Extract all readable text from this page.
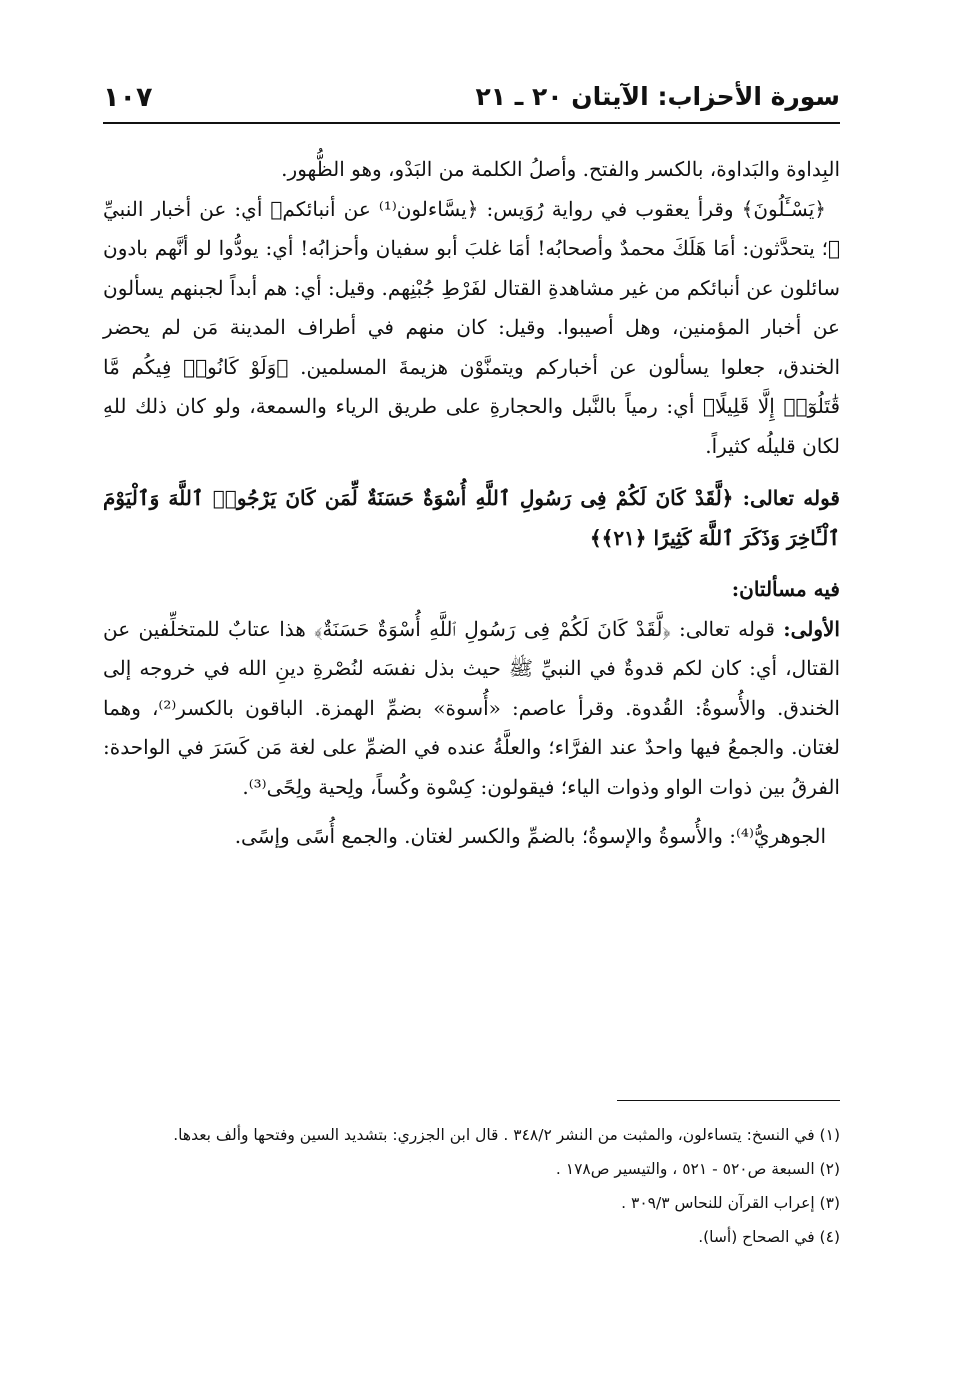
سورة الأحزاب: الآيتان ٢٠ ـ ٢١
١٠٧

البِداوة والبَداوة، بالكسر والفتح. وأصلُ الكلمة من البَدْو، وهو الظُّهور.

﴿يَسْـَٔلُونَ﴾ وقرأ يعقوب في رواية رُوَيس: ﴿يسَّاءلون⁽¹⁾ عن أنبائكم﴾ أي: عن أخبار النبيِّ ﷺ؛ يتحدَّثون: أمَا هَلَكَ محمدٌ وأصحابُه! أمَا غلبَ أبو سفيان وأحزابُه! أي: يودُّوا لو أنَّهم بادون سائلون عن أنبائكم من غير مشاهدةِ القتال لفَرْطِ جُبْنِهم. وقيل: أي: هم أبداً لجبنهم يسألون عن أخبار المؤمنين، وهل أصيبوا. وقيل: كان منهم في أطراف المدينة مَن لم يحضر الخندق، جعلوا يسألون عن أخباركم ويتمنَّوْن هزيمةَ المسلمين. ﴿وَلَوْ كَانُوا۟ فِيكُم مَّا قَٰتَلُوٓا۟ إِلَّا قَلِيلًا﴾ أي: رمياً بالنَّبل والحجارةِ على طريق الرياء والسمعة، ولو كان ذلك للهِ لكان قليلُه كثيراً.

قوله تعالى: ﴿لَّقَدْ كَانَ لَكُمْ فِى رَسُولِ ٱللَّهِ أُسْوَةٌ حَسَنَةٌ لِّمَن كَانَ يَرْجُوا۟ ٱللَّهَ وَٱلْيَوْمَ ٱلْـَٔاخِرَ وَذَكَرَ ٱللَّهَ كَثِيرًا ﴿٢١﴾﴾

فيه مسألتان:

الأولى: قوله تعالى: ﴿لَّقَدْ كَانَ لَكُمْ فِى رَسُولِ ٱللَّهِ أُسْوَةٌ حَسَنَةٌ﴾ هذا عتابٌ للمتخلِّفين عن القتال، أي: كان لكم قدوةٌ في النبيِّ ﷺ حيث بذل نفسَه لنُصْرةِ دينِ الله في خروجه إلى الخندق. والأُسوةُ: القُدوة. وقرأ عاصم: «أُسوة» بضمِّ الهمزة. الباقون بالكسر⁽²⁾، وهما لغتان. والجمعُ فيها واحدٌ عند الفرَّاء؛ والعلَّةُ عنده في الضمِّ على لغة مَن كَسَرَ في الواحدة: الفرقُ بين ذوات الواو وذوات الياء؛ فيقولون: كِسْوة وكُساً، ولِحية ولِحًى⁽³⁾.

الجوهريُّ⁽⁴⁾: والأُسوةُ والإسوةُ؛ بالضمِّ والكسر لغتان. والجمع أُسًى وإسًى.

(١) في النسخ: يتساءلون، والمثبت من النشر ٣٤٨/٢ . قال ابن الجزري: بتشديد السين وفتحها وألف بعدها.

(٢) السبعة ص٥٢٠ - ٥٢١ ، والتيسير ص١٧٨ .

(٣) إعراب القرآن للنحاس ٣٠٩/٣ .

(٤) في الصحاح (أسا).
